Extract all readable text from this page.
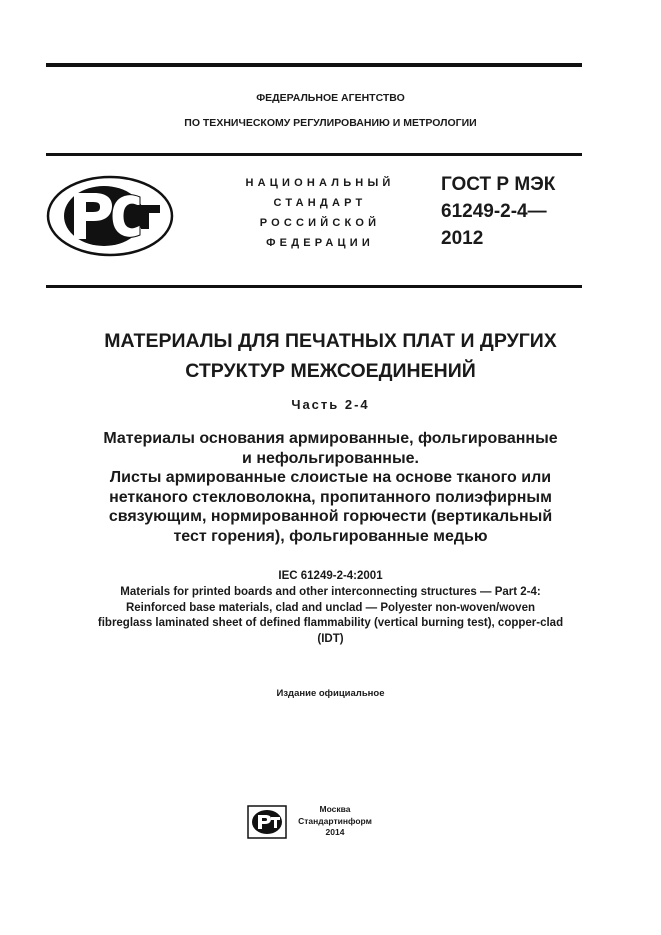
ФЕДЕРАЛЬНОЕ АГЕНТСТВО
ПО ТЕХНИЧЕСКОМУ РЕГУЛИРОВАНИЮ И МЕТРОЛОГИИ
НАЦИОНАЛЬНЫЙ
СТАНДАРТ
РОССИЙСКОЙ
ФЕДЕРАЦИИ
ГОСТ Р МЭК
61249-2-4—
2012
МАТЕРИАЛЫ ДЛЯ ПЕЧАТНЫХ ПЛАТ И ДРУГИХ
СТРУКТУР МЕЖСОЕДИНЕНИЙ
Часть 2-4
Материалы основания армированные, фольгированные
и нефольгированные.
Листы армированные слоистые на основе тканого или
нетканого стекловолокна, пропитанного полиэфирным
связующим, нормированной горючести (вертикальный
тест горения), фольгированные медью
IEC 61249-2-4:2001
Materials for printed boards and other interconnecting structures — Part 2-4:
Reinforced base materials, clad and unclad — Polyester non-woven/woven
fibreglass laminated sheet of defined flammability (vertical burning test), copper-clad
(IDT)
Издание официальное
Москва
Стандартинформ
2014
